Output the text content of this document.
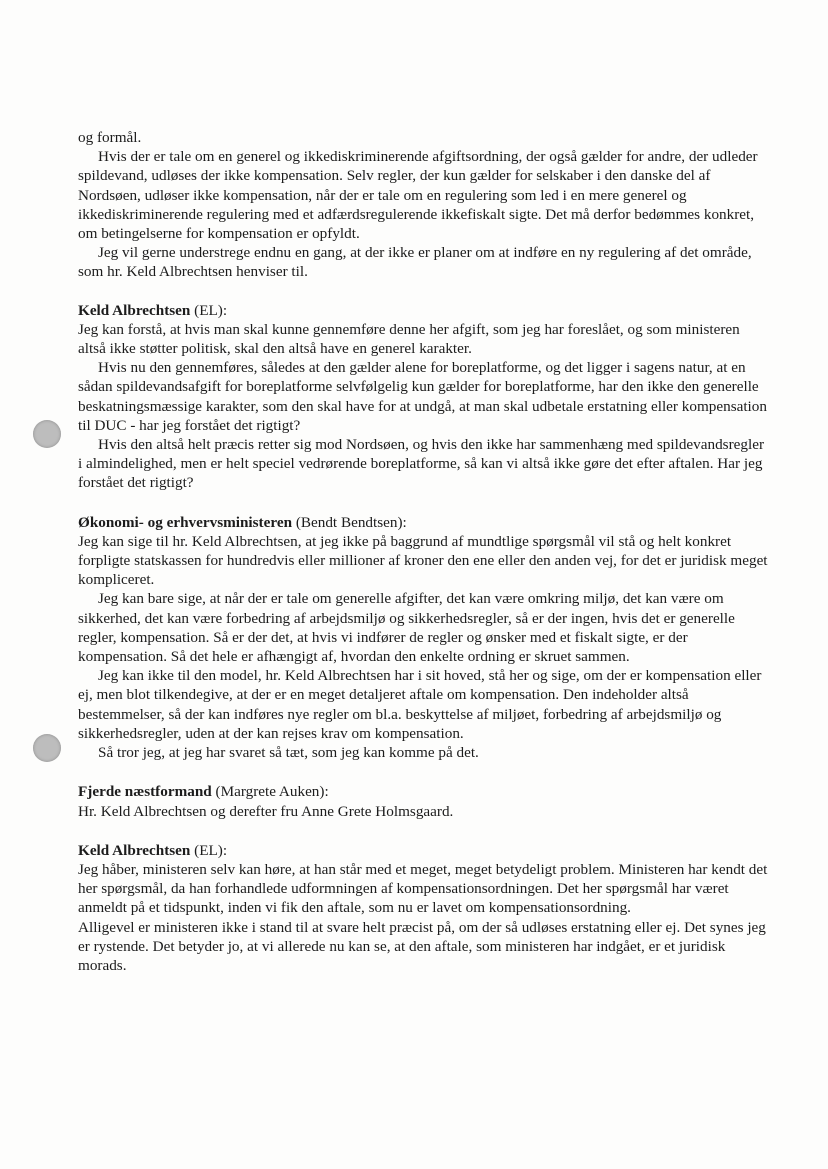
og formål.

Hvis der er tale om en generel og ikkediskriminerende afgiftsordning, der også gælder for andre, der udleder spildevand, udløses der ikke kompensation. Selv regler, der kun gælder for selskaber i den danske del af Nordsøen, udløser ikke kompensation, når der er tale om en regulering som led i en mere generel og ikkediskriminerende regulering med et adfærdsregulerende ikkefiskalt sigte. Det må derfor bedømmes konkret, om betingelserne for kompensation er opfyldt.

Jeg vil gerne understrege endnu en gang, at der ikke er planer om at indføre en ny regulering af det område, som hr. Keld Albrechtsen henviser til.

Keld Albrechtsen (EL):

Jeg kan forstå, at hvis man skal kunne gennemføre denne her afgift, som jeg har foreslået, og som ministeren altså ikke støtter politisk, skal den altså have en generel karakter.

Hvis nu den gennemføres, således at den gælder alene for boreplatforme, og det ligger i sagens natur, at en sådan spildevandsafgift for boreplatforme selvfølgelig kun gælder for boreplatforme, har den ikke den generelle beskatningsmæssige karakter, som den skal have for at undgå, at man skal udbetale erstatning eller kompensation til DUC - har jeg forstået det rigtigt?

Hvis den altså helt præcis retter sig mod Nordsøen, og hvis den ikke har sammenhæng med spildevandsregler i almindelighed, men er helt speciel vedrørende boreplatforme, så kan vi altså ikke gøre det efter aftalen. Har jeg forstået det rigtigt?

Økonomi- og erhvervsministeren (Bendt Bendtsen):

Jeg kan sige til hr. Keld Albrechtsen, at jeg ikke på baggrund af mundtlige spørgsmål vil stå og helt konkret forpligte statskassen for hundredvis eller millioner af kroner den ene eller den anden vej, for det er juridisk meget kompliceret.

Jeg kan bare sige, at når der er tale om generelle afgifter, det kan være omkring miljø, det kan være om sikkerhed, det kan være forbedring af arbejdsmiljø og sikkerhedsregler, så er der ingen, hvis det er generelle regler, kompensation. Så er der det, at hvis vi indfører de regler og ønsker med et fiskalt sigte, er der kompensation. Så det hele er afhængigt af, hvordan den enkelte ordning er skruet sammen.

Jeg kan ikke til den model, hr. Keld Albrechtsen har i sit hoved, stå her og sige, om der er kompensation eller ej, men blot tilkendegive, at der er en meget detaljeret aftale om kompensation. Den indeholder altså bestemmelser, så der kan indføres nye regler om bl.a. beskyttelse af miljøet, forbedring af arbejdsmiljø og sikkerhedsregler, uden at der kan rejses krav om kompensation.

Så tror jeg, at jeg har svaret så tæt, som jeg kan komme på det.

Fjerde næstformand (Margrete Auken):

Hr. Keld Albrechtsen og derefter fru Anne Grete Holmsgaard.

Keld Albrechtsen (EL):

Jeg håber, ministeren selv kan høre, at han står med et meget, meget betydeligt problem. Ministeren har kendt det her spørgsmål, da han forhandlede udformningen af kompensationsordningen. Det her spørgsmål har været anmeldt på et tidspunkt, inden vi fik den aftale, som nu er lavet om kompensationsordning.

Alligevel er ministeren ikke i stand til at svare helt præcist på, om der så udløses erstatning eller ej. Det synes jeg er rystende. Det betyder jo, at vi allerede nu kan se, at den aftale, som ministeren har indgået, er et juridisk morads.
